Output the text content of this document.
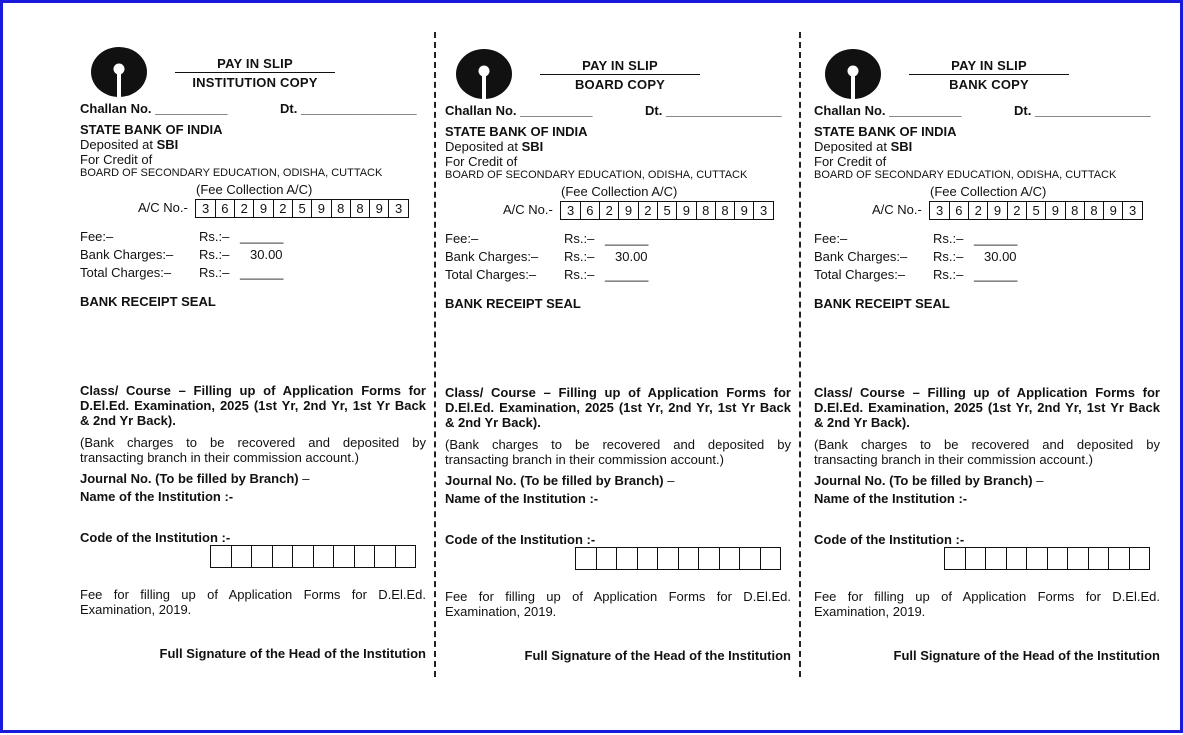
PAY IN SLIP
INSTITUTION COPY
Challan No. __________	Dt. ________________
STATE BANK OF INDIA
Deposited at SBI
For Credit of
BOARD OF SECONDARY EDUCATION, ODISHA, CUTTACK
(Fee Collection A/C)
A/C No.-	3 6 2 9 2 5 9 8 8 9 3
Fee:–	Rs.:– ______
Bank Charges:– Rs.:– 30.00
Total Charges:– Rs.:– ______
BANK RECEIPT SEAL
Class/ Course – Filling up of Application Forms for D.El.Ed. Examination, 2025 (1st Yr, 2nd Yr, 1st Yr Back & 2nd Yr Back).
(Bank charges to be recovered and deposited by transacting branch in their commission account.)
Journal No. (To be filled by Branch) –
Name of the Institution :-
Code of the Institution :-
Fee for filling up of Application Forms for D.El.Ed. Examination, 2019.
Full Signature of the Head of the Institution
PAY IN SLIP
BOARD COPY
Challan No. __________	Dt. ________________
STATE BANK OF INDIA
Deposited at SBI
For Credit of
BOARD OF SECONDARY EDUCATION, ODISHA, CUTTACK
(Fee Collection A/C)
A/C No.-	3 6 2 9 2 5 9 8 8 9 3
Fee:–	Rs.:– ______
Bank Charges:– Rs.:– 30.00
Total Charges:– Rs.:– ______
BANK RECEIPT SEAL
Class/ Course – Filling up of Application Forms for D.El.Ed. Examination, 2025 (1st Yr, 2nd Yr, 1st Yr Back & 2nd Yr Back).
(Bank charges to be recovered and deposited by transacting branch in their commission account.)
Journal No. (To be filled by Branch) –
Name of the Institution :-
Code of the Institution :-
Fee for filling up of Application Forms for D.El.Ed. Examination, 2019.
Full Signature of the Head of the Institution
PAY IN SLIP
BANK COPY
Challan No. __________	Dt. ________________
STATE BANK OF INDIA
Deposited at SBI
For Credit of
BOARD OF SECONDARY EDUCATION, ODISHA, CUTTACK
(Fee Collection A/C)
A/C No.-	3 6 2 9 2 5 9 8 8 9 3
Fee:–	Rs.:– ______
Bank Charges:– Rs.:– 30.00
Total Charges:– Rs.:– ______
BANK RECEIPT SEAL
Class/ Course – Filling up of Application Forms for D.El.Ed. Examination, 2025 (1st Yr, 2nd Yr, 1st Yr Back & 2nd Yr Back).
(Bank charges to be recovered and deposited by transacting branch in their commission account.)
Journal No. (To be filled by Branch) –
Name of the Institution :-
Code of the Institution :-
Fee for filling up of Application Forms for D.El.Ed. Examination, 2019.
Full Signature of the Head of the Institution
